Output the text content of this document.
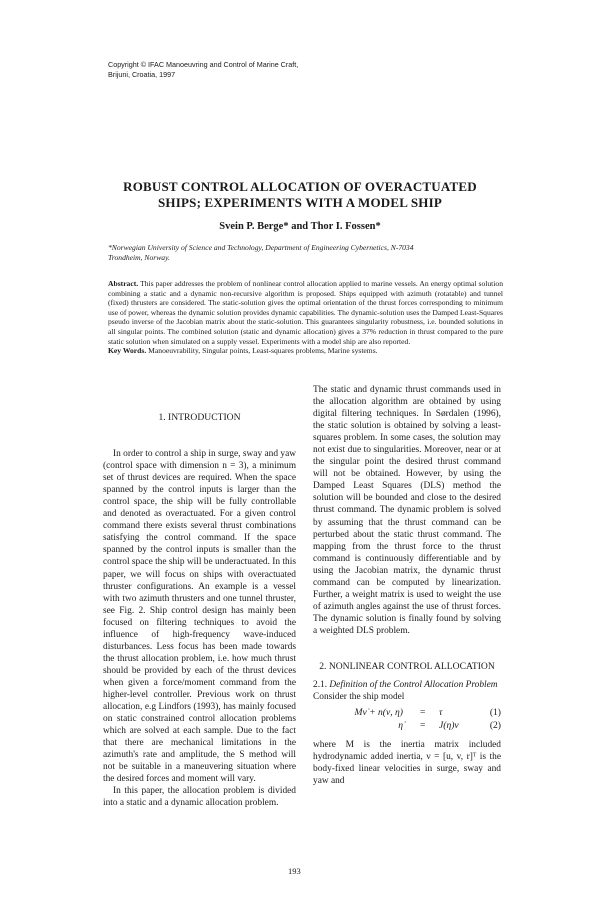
Copyright © IFAC Manoeuvring and Control of Marine Craft,
Brijuni, Croatia, 1997
ROBUST CONTROL ALLOCATION OF OVERACTUATED
SHIPS; EXPERIMENTS WITH A MODEL SHIP
Svein P. Berge* and Thor I. Fossen*
*Norwegian University of Science and Technology, Department of Engineering Cybernetics, N-7034
Trondheim, Norway.
Abstract. This paper addresses the problem of nonlinear control allocation applied to marine vessels. An energy optimal solution combining a static and a dynamic non-recursive algorithm is proposed. Ships equipped with azimuth (rotatable) and tunnel (fixed) thrusters are considered. The static-solution gives the optimal orientation of the thrust forces corresponding to minimum use of power, whereas the dynamic solution provides dynamic capabilities. The dynamic-solution uses the Damped Least-Squares pseudo inverse of the Jacobian matrix about the static-solution. This guarantees singularity robustness, i.e. bounded solutions in all singular points. The combined solution (static and dynamic allocation) gives a 37% reduction in thrust compared to the pure static solution when simulated on a supply vessel. Experiments with a model ship are also reported.
Key Words. Manoeuvrability, Singular points, Least-squares problems, Marine systems.
1. INTRODUCTION

In order to control a ship in surge, sway and yaw (control space with dimension n = 3), a minimum set of thrust devices are required. When the space spanned by the control inputs is larger than the control space, the ship will be fully controllable and denoted as overactuated. For a given control command there exists several thrust combinations satisfying the control command. If the space spanned by the control inputs is smaller than the control space the ship will be underactuated. In this paper, we will focus on ships with overactuated thruster configurations. An example is a vessel with two azimuth thrusters and one tunnel thruster, see Fig. 2. Ship control design has mainly been focused on filtering techniques to avoid the influence of high-frequency wave-induced disturbances. Less focus has been made towards the thrust allocation problem, i.e. how much thrust should be provided by each of the thrust devices when given a force/moment command from the higher-level controller. Previous work on thrust allocation, e.g Lindfors (1993), has mainly focused on static constrained control allocation problems which are solved at each sample. Due to the fact that there are mechanical limitations in the azimuth's rate and amplitude, the S method will not be suitable in a maneuvering situation where the desired forces and moment will vary.

In this paper, the allocation problem is divided into a static and a dynamic allocation problem.

The static and dynamic thrust commands used in the allocation algorithm are obtained by using digital filtering techniques. In Sørdalen (1996), the static solution is obtained by solving a least-squares problem. In some cases, the solution may not exist due to singularities. Moreover, near or at the singular point the desired thrust command will not be obtained. However, by using the Damped Least Squares (DLS) method the solution will be bounded and close to the desired thrust command. The dynamic problem is solved by assuming that the thrust command can be perturbed about the static thrust command. The mapping from the thrust force to the thrust command is continuously differentiable and by using the Jacobian matrix, the dynamic thrust command can be computed by linearization. Further, a weight matrix is used to weight the use of azimuth angles against the use of thrust forces. The dynamic solution is finally found by solving a weighted DLS problem.

2. NONLINEAR CONTROL ALLOCATION

2.1. Definition of the Control Allocation Problem

Consider the ship model

Mν̇ + n(ν, η) = τ	(1)
η̇ = J(η)ν	(2)

where M is the inertia matrix included hydrodynamic added inertia, ν = [u, v, r]ᵀ is the body-fixed linear velocities in surge, sway and yaw and

193
